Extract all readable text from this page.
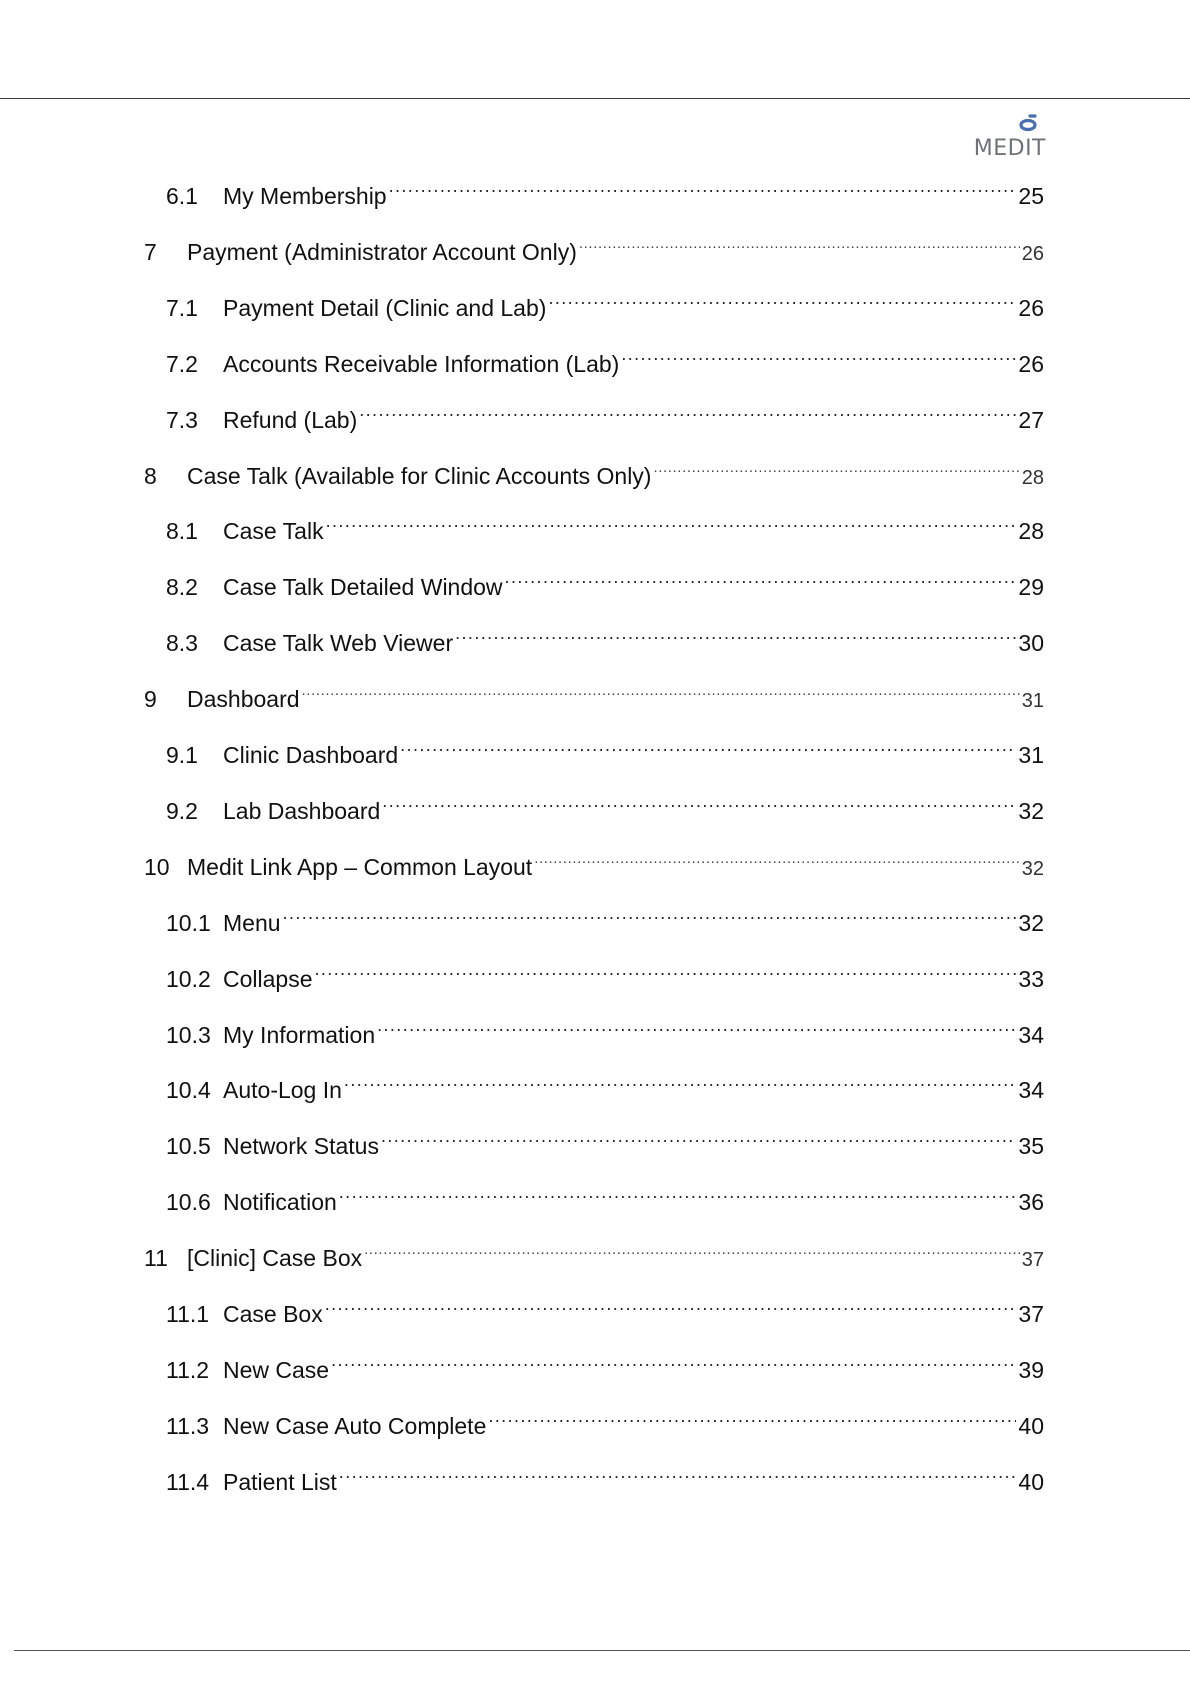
MEDIT
6.1	My Membership .....	25
7	Payment (Administrator Account Only) .....	26
7.1	Payment Detail (Clinic and Lab) .....	26
7.2	Accounts Receivable Information (Lab) .....	26
7.3	Refund (Lab) .....	27
8	Case Talk (Available for Clinic Accounts Only) .....	28
8.1	Case Talk .....	28
8.2	Case Talk Detailed Window .....	29
8.3	Case Talk Web Viewer .....	30
9	Dashboard .....	31
9.1	Clinic Dashboard .....	31
9.2	Lab Dashboard .....	32
10 Medit Link App – Common Layout .....	32
10.1 Menu .....	32
10.2 Collapse .....	33
10.3 My Information .....	34
10.4 Auto-Log In .....	34
10.5 Network Status .....	35
10.6 Notification .....	36
11 [Clinic] Case Box .....	37
11.1 Case Box .....	37
11.2 New Case .....	39
11.3 New Case Auto Complete .....	40
11.4 Patient List .....	40
